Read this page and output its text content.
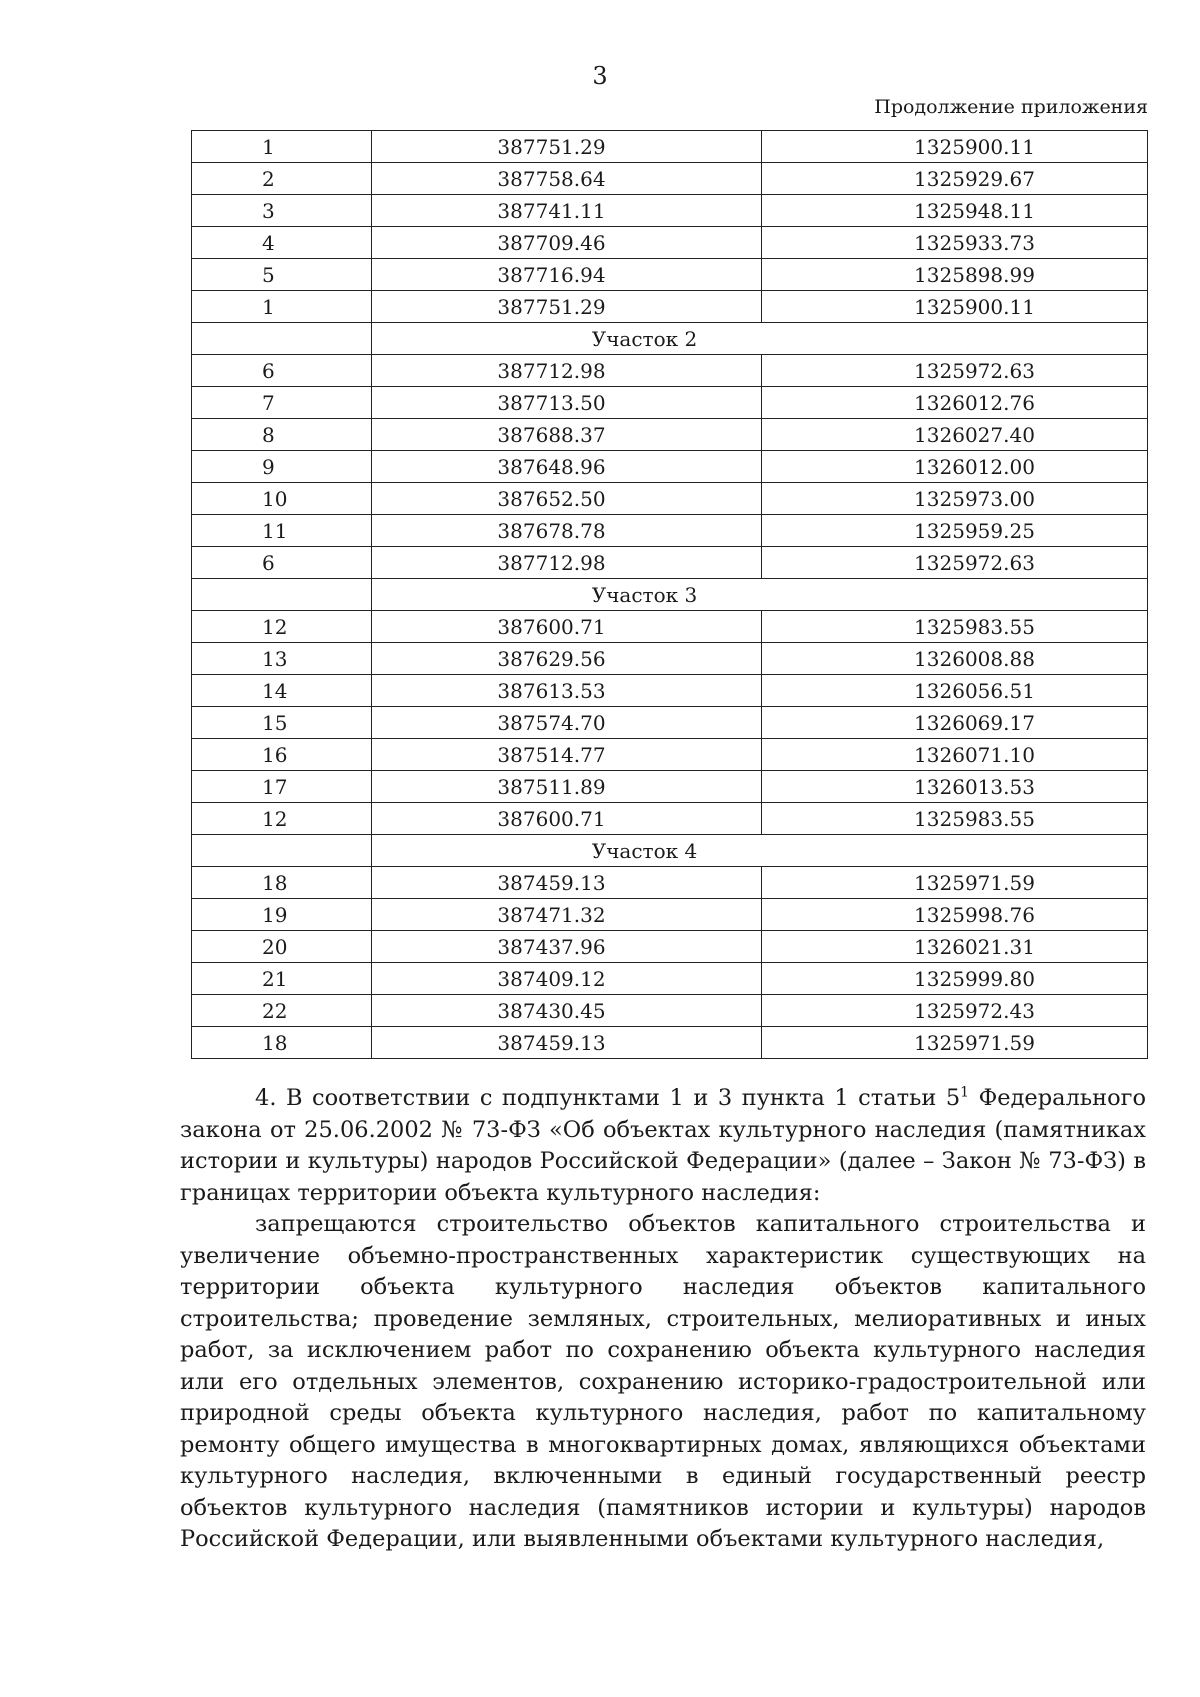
3
Продолжение приложения
1	387751.29	1325900.11
2	387758.64	1325929.67
3	387741.11	1325948.11
4	387709.46	1325933.73
5	387716.94	1325898.99
1	387751.29	1325900.11
	Участок 2	
6	387712.98	1325972.63
7	387713.50	1326012.76
8	387688.37	1326027.40
9	387648.96	1326012.00
10	387652.50	1325973.00
11	387678.78	1325959.25
6	387712.98	1325972.63
	Участок 3	
12	387600.71	1325983.55
13	387629.56	1326008.88
14	387613.53	1326056.51
15	387574.70	1326069.17
16	387514.77	1326071.10
17	387511.89	1326013.53
12	387600.71	1325983.55
	Участок 4	
18	387459.13	1325971.59
19	387471.32	1325998.76
20	387437.96	1326021.31
21	387409.12	1325999.80
22	387430.45	1325972.43
18	387459.13	1325971.59

4. В соответствии с подпунктами 1 и 3 пункта 1 статьи $5^1$ Федерального закона от 25.06.2002 № 73-ФЗ «Об объектах культурного наследия (памятниках истории и культуры) народов Российской Федерации» (далее – Закон № 73-ФЗ) в границах территории объекта культурного наследия:

запрещаются строительство объектов капитального строительства и увеличение объемно-пространственных характеристик существующих на территории объекта культурного наследия объектов капитального строительства; проведение земляных, строительных, мелиоративных и иных работ, за исключением работ по сохранению объекта культурного наследия или его отдельных элементов, сохранению историко-градостроительной или природной среды объекта культурного наследия, работ по капитальному ремонту общего имущества в многоквартирных домах, являющихся объектами культурного наследия, включенными в единый государственный реестр объектов культурного наследия (памятников истории и культуры) народов Российской Федерации, или выявленными объектами культурного наследия,
